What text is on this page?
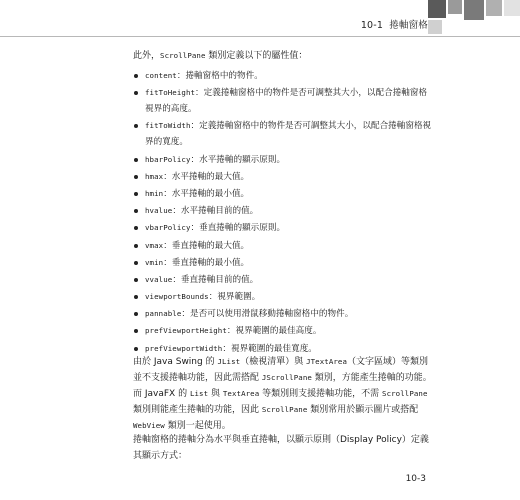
10-1 捲軸窗格
此外，ScrollPane 類別定義以下的屬性值：
content：捲軸窗格中的物件。
fitToHeight：定義捲軸窗格中的物件是否可調整其大小，以配合捲軸窗格視界的高度。
fitToWidth：定義捲軸窗格中的物件是否可調整其大小，以配合捲軸窗格視界的寬度。
hbarPolicy：水平捲軸的顯示原則。
hmax：水平捲軸的最大值。
hmin：水平捲軸的最小值。
hvalue：水平捲軸目前的值。
vbarPolicy：垂直捲軸的顯示原則。
vmax：垂直捲軸的最大值。
vmin：垂直捲軸的最小值。
vvalue：垂直捲軸目前的值。
viewportBounds：視界範圍。
pannable：是否可以使用滑鼠移動捲軸窗格中的物件。
prefViewportHeight：視界範圍的最佳高度。
prefViewportWidth：視界範圍的最佳寬度。
由於 Java Swing 的 JList（檢視清單）與 JTextArea（文字區域）等類別並不支援捲軸功能，因此需搭配 JScrollPane 類別，方能產生捲軸的功能。而 JavaFX 的 List 與 TextArea 等類別則支援捲軸功能，不需 ScrollPane 類別則能產生捲軸的功能，因此 ScrollPane 類別常用於顯示圖片或搭配 WebView 類別一起使用。
捲軸窗格的捲軸分為水平與垂直捲軸，以顯示原則（Display Policy）定義其顯示方式：
10-3
